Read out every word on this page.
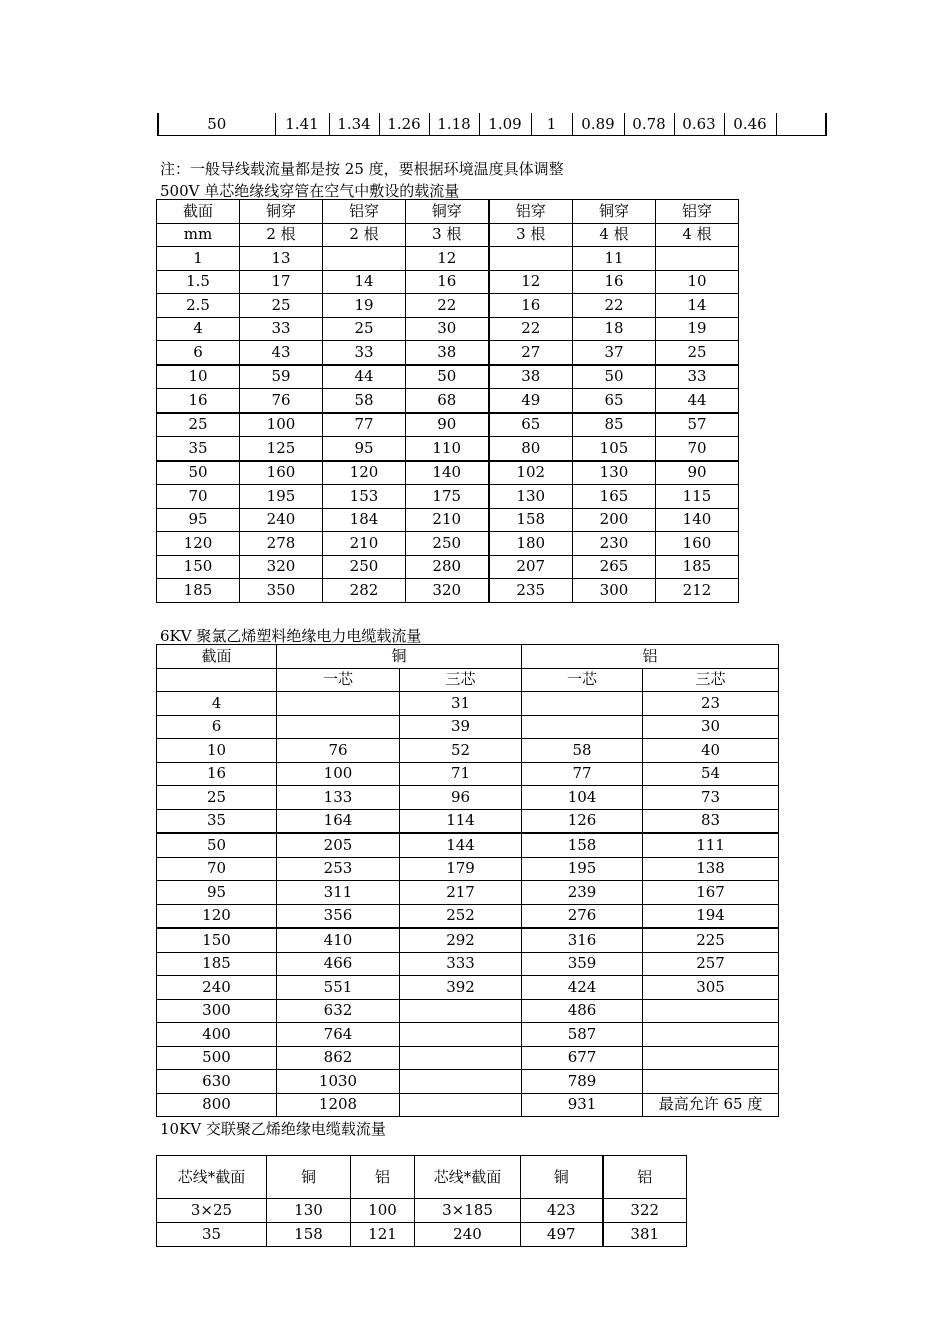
50	1.41	1.34	1.26	1.18	1.09	1	0.89	0.78	0.63	0.46	
注：一般导线载流量都是按 25 度，要根据环境温度具体调整
500V 单芯绝缘线穿管在空气中敷设的载流量
截面	铜穿	铝穿	铜穿	铝穿	铜穿	铝穿
mm	2 根	2 根	3 根	3 根	4 根	4 根
1	13		12		11	
1.5	17	14	16	12	16	10
2.5	25	19	22	16	22	14
4	33	25	30	22	18	19
6	43	33	38	27	37	25
10	59	44	50	38	50	33
16	76	58	68	49	65	44
25	100	77	90	65	85	57
35	125	95	110	80	105	70
50	160	120	140	102	130	90
70	195	153	175	130	165	115
95	240	184	210	158	200	140
120	278	210	250	180	230	160
150	320	250	280	207	265	185
185	350	282	320	235	300	212
6KV 聚氯乙烯塑料绝缘电力电缆载流量
截面	铜		铝	
	一芯	三芯	一芯	三芯
4		31		23
6		39		30
10	76	52	58	40
16	100	71	77	54
25	133	96	104	73
35	164	114	126	83
50	205	144	158	111
70	253	179	195	138
95	311	217	239	167
120	356	252	276	194
150	410	292	316	225
185	466	333	359	257
240	551	392	424	305
300	632		486	
400	764		587	
500	862		677	
630	1030		789	
800	1208		931	最高允许 65 度
10KV 交联聚乙烯绝缘电缆载流量
芯线*截面	铜	铝	芯线*截面	铜	铝
3×25	130	100	3×185	423	322
35	158	121	240	497	381
